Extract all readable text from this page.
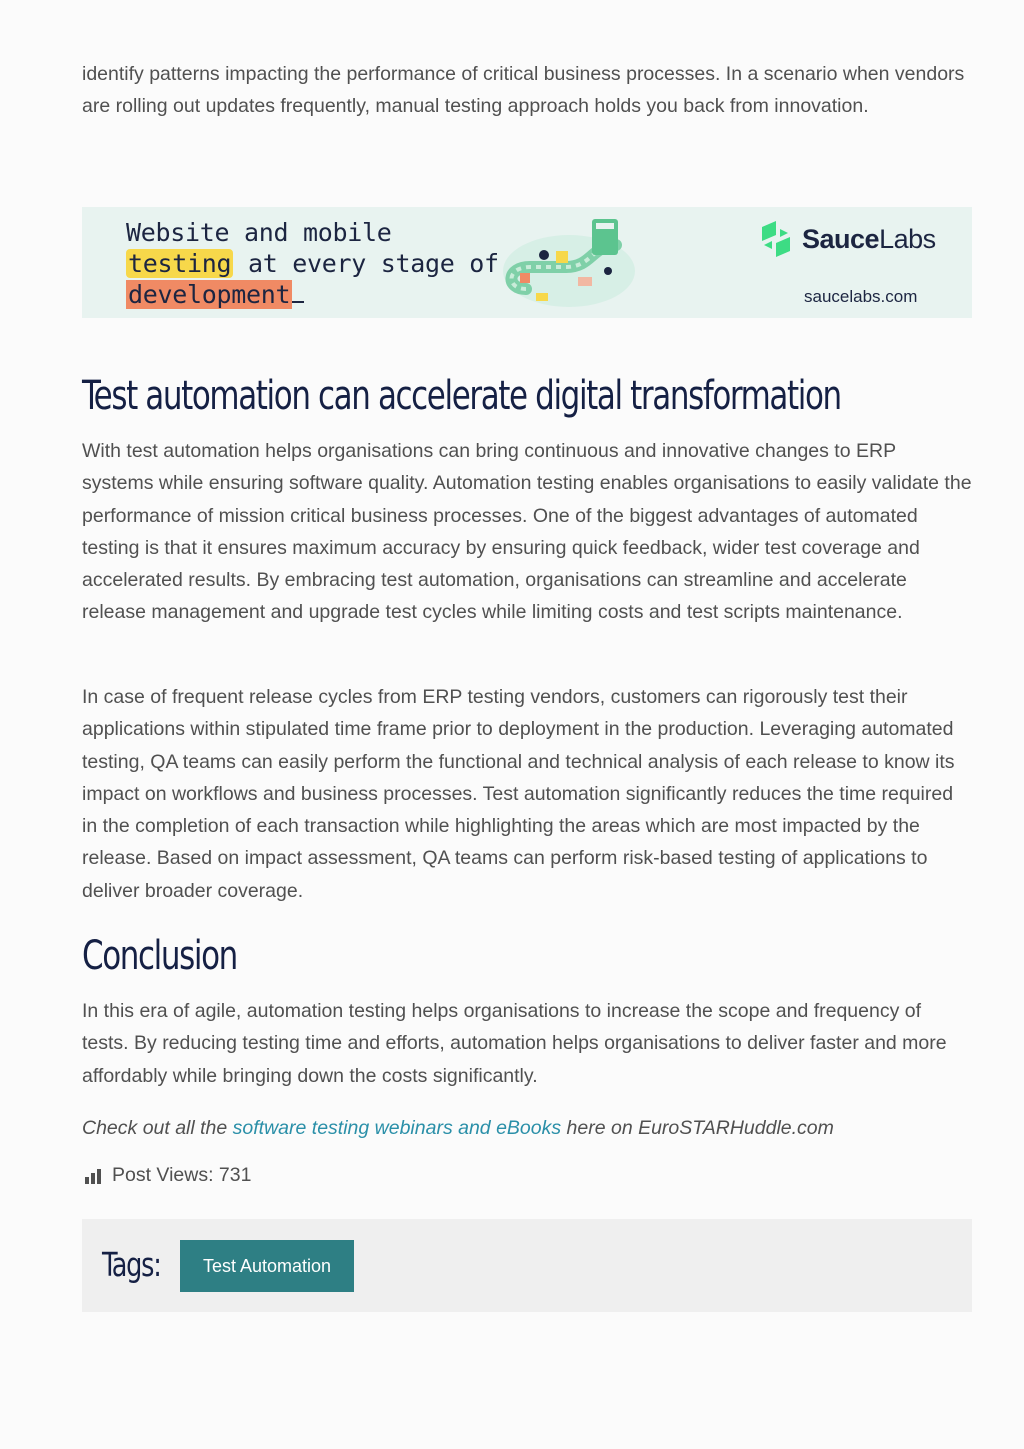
identify patterns impacting the performance of critical business processes. In a scenario when vendors are rolling out updates frequently, manual testing approach holds you back from innovation.

Website and mobile
testing at every stage of
development
SauceLabs
saucelabs.com
Test automation can accelerate digital transformation

With test automation helps organisations can bring continuous and innovative changes to ERP systems while ensuring software quality. Automation testing enables organisations to easily validate the performance of mission critical business processes. One of the biggest advantages of automated testing is that it ensures maximum accuracy by ensuring quick feedback, wider test coverage and accelerated results. By embracing test automation, organisations can streamline and accelerate release management and upgrade test cycles while limiting costs and test scripts maintenance.

In case of frequent release cycles from ERP testing vendors, customers can rigorously test their applications within stipulated time frame prior to deployment in the production. Leveraging automated testing, QA teams can easily perform the functional and technical analysis of each release to know its impact on workflows and business processes. Test automation significantly reduces the time required in the completion of each transaction while highlighting the areas which are most impacted by the release. Based on impact assessment, QA teams can perform risk-based testing of applications to deliver broader coverage.

Conclusion

In this era of agile, automation testing helps organisations to increase the scope and frequency of tests. By reducing testing time and efforts, automation helps organisations to deliver faster and more affordably while bringing down the costs significantly.

Check out all the software testing webinars and eBooks here on EuroSTARHuddle.com

Post Views: 731
Tags:	Test Automation
